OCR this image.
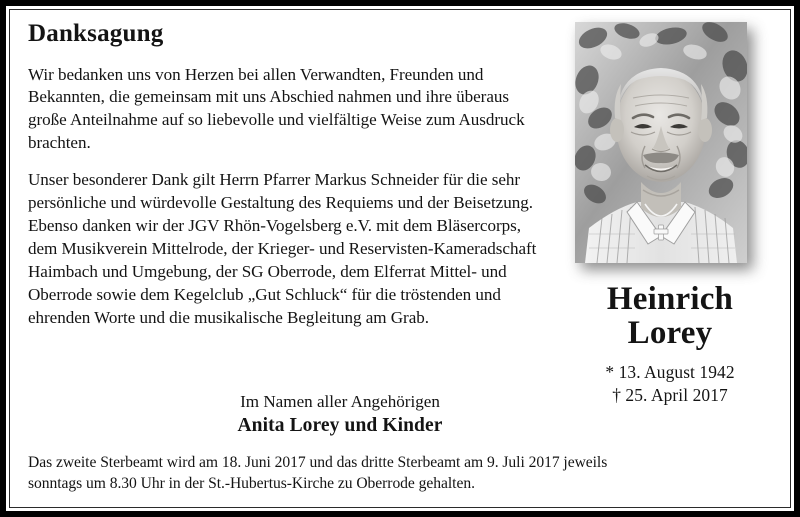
Danksagung

Wir bedanken uns von Herzen bei allen Verwandten, Freunden und Bekannten, die gemeinsam mit uns Abschied nahmen und ihre überaus große Anteilnahme auf so liebevolle und vielfältige Weise zum Ausdruck brachten.

Unser besonderer Dank gilt Herrn Pfarrer Markus Schneider für die sehr persönliche und würdevolle Gestaltung des Requiems und der Beisetzung. Ebenso danken wir der JGV Rhön-Vogelsberg e.V. mit dem Bläsercorps, dem Musikverein Mittelrode, der Krieger- und Reservisten-Kameradschaft Haimbach und Umgebung, der SG Oberrode, dem Elferrat Mittel- und Oberrode sowie dem Kegelclub „Gut Schluck“ für die tröstenden und ehrenden Worte und die musikalische Begleitung am Grab.

Im Namen aller Angehörigen
Anita Lorey und Kinder
Heinrich
Lorey
* 13. August 1942
† 25. April 2017
Das zweite Sterbeamt wird am 18. Juni 2017 und das dritte Sterbeamt am 9. Juli 2017 jeweils
sonntags um 8.30 Uhr in der St.-Hubertus-Kirche zu Oberrode gehalten.
